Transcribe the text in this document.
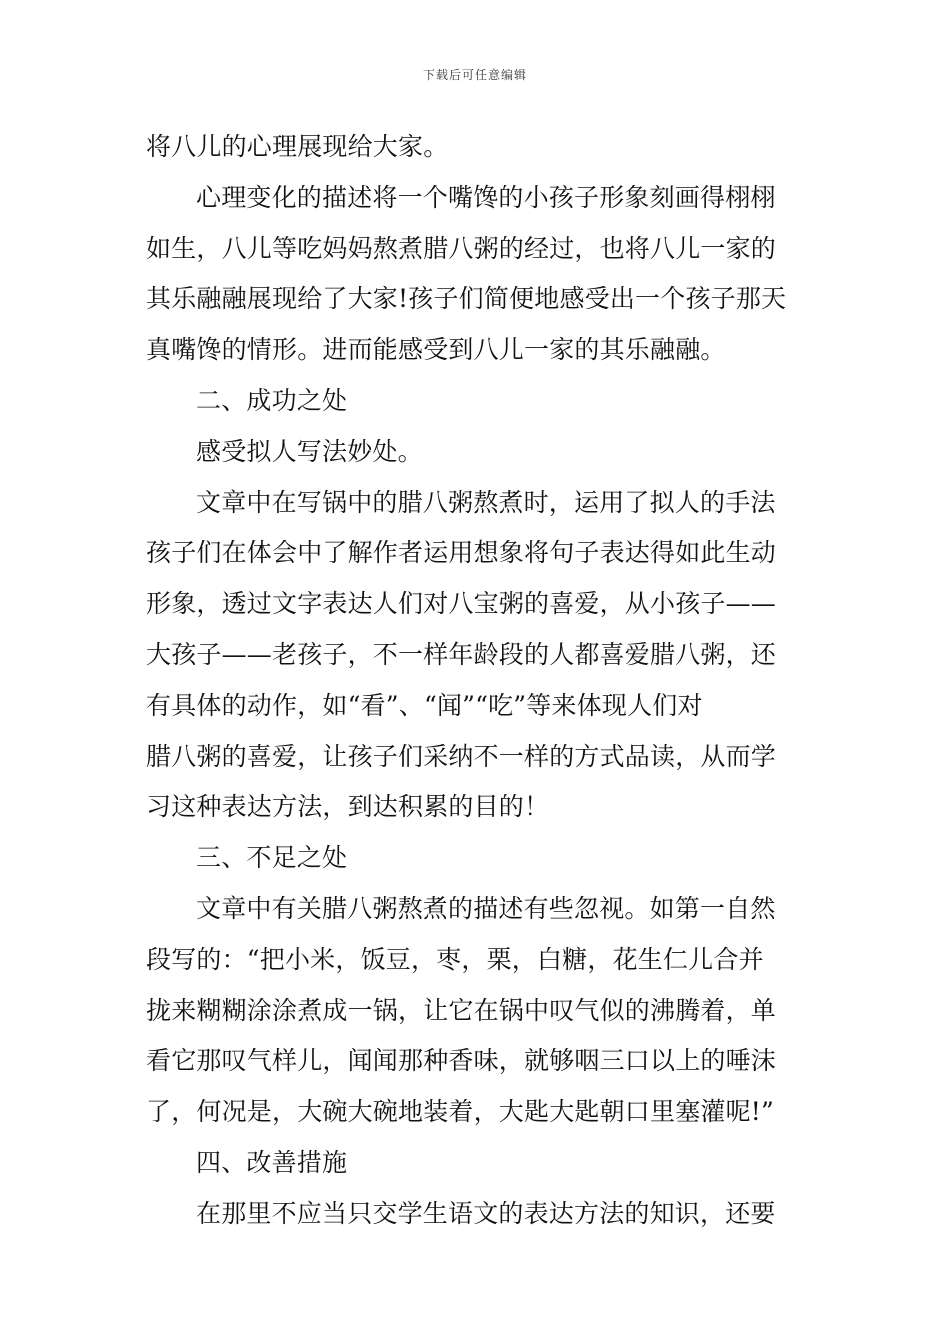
下载后可任意编辑
将八儿的心理展现给大家。
心理变化的描述将一个嘴馋的小孩子形象刻画得栩栩
如生，八儿等吃妈妈熬煮腊八粥的经过，也将八儿一家的
其乐融融展现给了大家!孩子们简便地感受出一个孩子那天
真嘴馋的情形。进而能感受到八儿一家的其乐融融。
二、成功之处
感受拟人写法妙处。
文章中在写锅中的腊八粥熬煮时，运用了拟人的手法
孩子们在体会中了解作者运用想象将句子表达得如此生动
形象，透过文字表达人们对八宝粥的喜爱，从小孩子——
大孩子——老孩子，不一样年龄段的人都喜爱腊八粥，还
有具体的动作，如“看”、“闻”“吃”等来体现人们对
腊八粥的喜爱，让孩子们采纳不一样的方式品读，从而学
习这种表达方法，到达积累的目的！
三、不足之处
文章中有关腊八粥熬煮的描述有些忽视。如第一自然
段写的：“把小米，饭豆，枣，栗，白糖，花生仁儿合并
拢来糊糊涂涂煮成一锅，让它在锅中叹气似的沸腾着，单
看它那叹气样儿，闻闻那种香味，就够咽三口以上的唾沫
了，何况是，大碗大碗地装着，大匙大匙朝口里塞灌呢!”
四、改善措施
在那里不应当只交学生语文的表达方法的知识，还要
